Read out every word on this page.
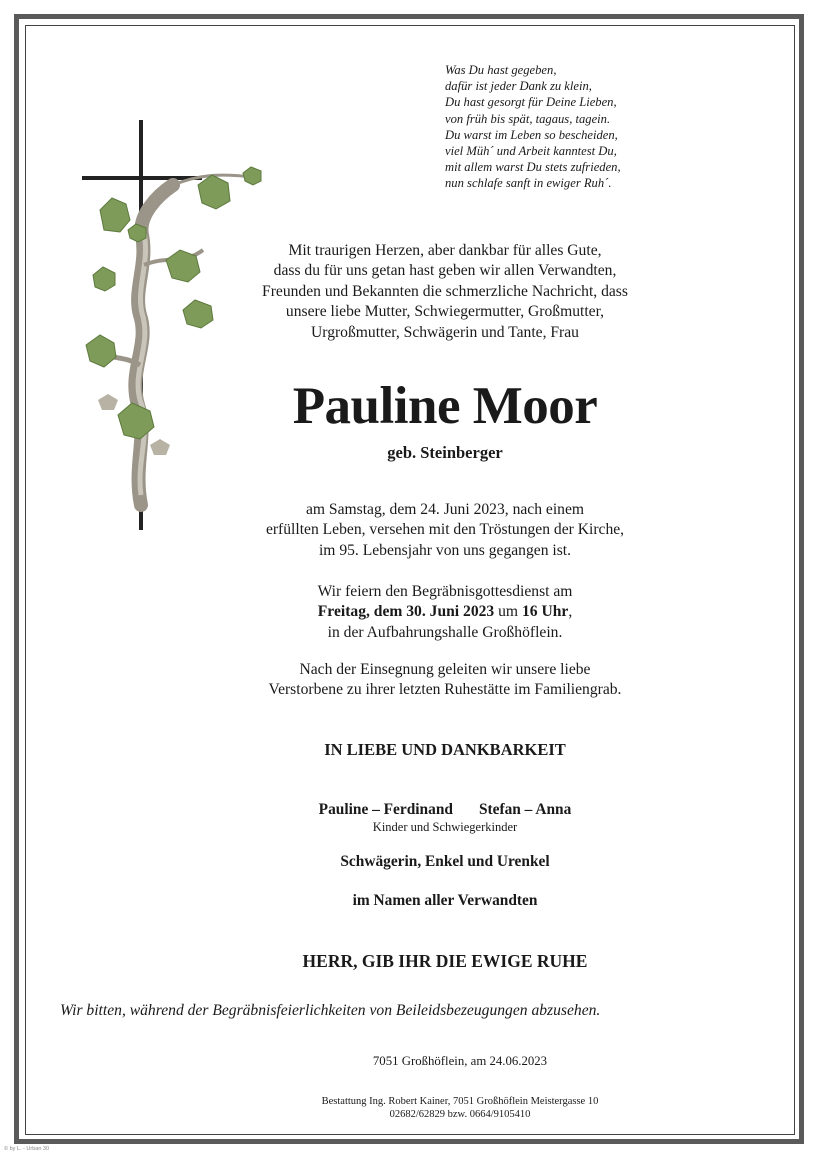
Was Du hast gegeben,
dafür ist jeder Dank zu klein,
Du hast gesorgt für Deine Lieben,
von früh bis spät, tagaus, tagein.
Du warst im Leben so bescheiden,
viel Müh´ und Arbeit kanntest Du,
mit allem warst Du stets zufrieden,
nun schlafe sanft in ewiger Ruh´.
Mit traurigen Herzen, aber dankbar für alles Gute,
dass du für uns getan hast geben wir allen Verwandten,
Freunden und Bekannten die schmerzliche Nachricht, dass
unsere liebe Mutter, Schwiegermutter, Großmutter,
Urgroßmutter, Schwägerin und Tante, Frau
Pauline Moor
geb. Steinberger
am Samstag, dem 24. Juni 2023, nach einem
erfüllten Leben, versehen mit den Tröstungen der Kirche,
im 95. Lebensjahr von uns gegangen ist.
Wir feiern den Begräbnisgottesdienst am
Freitag, dem 30. Juni 2023 um 16 Uhr,
in der Aufbahrungshalle Großhöflein.
Nach der Einsegnung geleiten wir unsere liebe
Verstorbene zu ihrer letzten Ruhestätte im Familiengrab.
IN LIEBE UND DANKBARKEIT
Pauline – Ferdinand Stefan – Anna
Kinder und Schwiegerkinder
Schwägerin, Enkel und Urenkel
im Namen aller Verwandten
HERR, GIB IHR DIE EWIGE RUHE
Wir bitten, während der Begräbnisfeierlichkeiten von Beileidsbezeugungen abzusehen.
7051 Großhöflein, am 24.06.2023
Bestattung Ing. Robert Kainer, 7051 Großhöflein Meistergasse 10
02682/62829 bzw. 0664/9105410
© by L. - Urban 30
